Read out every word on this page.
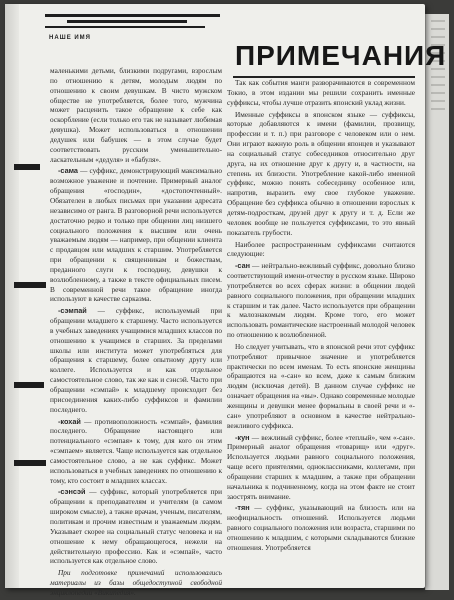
НАШЕ ИМЯ
ПРИМЕЧАНИЯ

маленькими детьми, близкими подругами, взрослым по отношению к детям, молодым людям по отношению к своим девушкам. В чисто мужском обществе не употребляется, более того, мужчина может расценить такое обращение к себе как оскорбление (если только его так не называет любимая девушка). Может использоваться в отношении дедушек или бабушек — в этом случае будет соответствовать русским уменьшительно-ласкательным «дедуля» и «бабуля».

-сама — суффикс, демонстрирующий максимально возможное уважение и почтение. Примерный аналог обращения «господин», «достопочтенный». Обязателен в любых письмах при указании адресата независимо от ранга. В разговорной речи используется достаточно редко и только при общении лиц низшего социального положения к высшим или очень уважаемым людям — например, при общении клиента с продавцом или младших к старшим. Употребляется при обращении к священникам и божествам, преданного слуги к господину, девушки к возлюбленному, а также в тексте официальных писем. В современной речи такое обращение иногда используют в качестве сарказма.

-сэмпай — суффикс, используемый при обращении младшего к старшему. Часто используется в учебных заведениях учащимися младших классов по отношению к учащимся в старших. За пределами школы или института может употребляться для обращения к старшему, более опытному другу или коллеге. Используется и как отдельное самостоятельное слово, так же как и сэнсэй. Часто при обращении «сэмпай» к младшему происходит без присоединения каких-либо суффиксов и фамилии последнего.

-кохай — противоположность «сэмпай», фамилия последнего. Обращение настоящего или потенциального «сэмпая» к тому, для кого он этим «сэмпаем» является. Чаще используется как отдельное самостоятельное слово, а не как суффикс. Может использоваться в учебных заведениях по отношению к тому, кто состоит в младших классах.

-сэнсэй — суффикс, который употребляется при обращении к преподавателям и учителям (в самом широком смысле), а также врачам, ученым, писателям, политикам и прочим известным и уважаемым людям. Указывает скорее на социальный статус человека и на отношение к нему обращающегося, нежели на действительную профессию. Как и «сэмпай», часто используется как отдельное слово.

При подготовке примечаний использовались материалы из базы общедоступной свободной энциклопедии «Википедия».

Так как события манги разворачиваются в современном Токио, в этом издании мы решили сохранить именные суффиксы, чтобы лучше отразить японский уклад жизни.

Именные суффиксы в японском языке — суффиксы, которые добавляются к имени (фамилии, прозвищу, профессии и т. п.) при разговоре с человеком или о нем. Они играют важную роль в общении японцев и указывают на социальный статус собеседников относительно друг друга, на их отношение друг к другу и, в частности, на степень их близости. Употребление какой-либо именной суффикс, можно понять собеседнику особенное или, напротив, выразить ему свое глубокое уважение. Обращение без суффикса обычно в отношении взрослых к детям-подросткам, друзей друг к другу и т. д. Если же человек вообще не пользуется суффиксами, то это явный показатель грубости.

Наиболее распространенным суффиксами считаются следующие:

-сан — нейтрально-вежливый суффикс, довольно близко соответствующий имени-отчеству в русском языке. Широко употребляется во всех сферах жизни: в общении людей равного социального положения, при обращении младших к старшим и так далее. Часто используется при обращении к малознакомым людям. Кроме того, его может использовать романтические настроенный молодой человек по отношению к возлюбленной.

Но следует учитывать, что в японской речи этот суффикс употребляют привычное значение и употребляется практически по всем именам. То есть японские женщины обращаются на «-сан» ко всем, даже к самым близким людям (исключая детей). В данном случае суффикс не означает обращения на «вы». Однако современные молодые женщины и девушки менее формальны в своей речи и «-сан» употребляют в основном в качестве нейтрально-вежливого суффикса.

-кун — вежливый суффикс, более «теплый», чем «-сан». Примерный аналог обращения «товарищ» или «друг». Используется людьми равного социального положения, чаще всего приятелями, одноклассниками, коллегами, при обращении старших к младшим, а также при обращении начальника к подчиненному, когда на этом факте не стоит заострять внимание.

-тян — суффикс, указывающий на близость или на неофициальность отношений. Используется людьми равного социального положения или возраста, старшими по отношению к младшим, с которыми складываются близкие отношения. Употребляется
